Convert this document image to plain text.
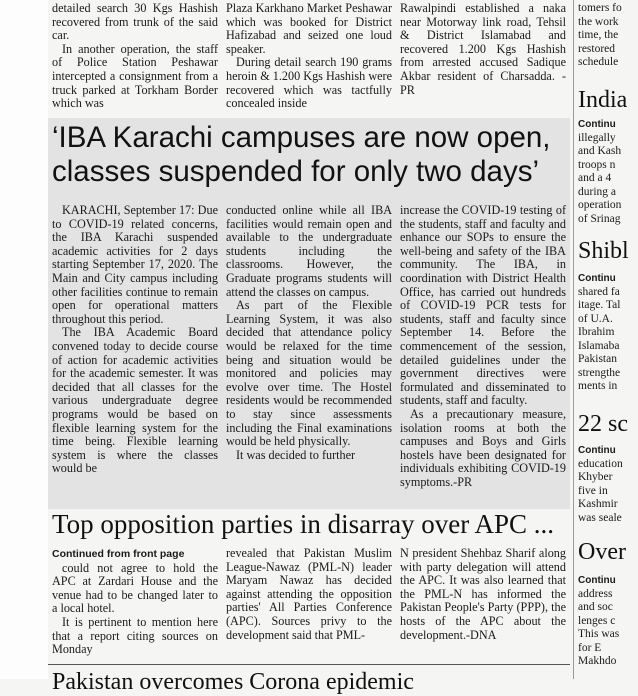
detailed search 30 Kgs Hashish recovered from trunk of the said car.

In another operation, the staff of Police Station Peshawar intercepted a consignment from a truck parked at Torkham Border which was

Plaza Karkhano Market Peshawar which was booked for District Hafizabad and seized one loud speaker.

During detail search 190 grams heroin & 1.200 Kgs Hashish were recovered which was tactfully concealed inside

Rawalpindi established a naka near Motorway link road, Tehsil & District Islamabad and recovered 1.200 Kgs Hashish from arrested accused Sadique Akbar resident of Charsadda. - PR

‘IBA Karachi campuses are now open,
classes suspended for only two days’

KARACHI, September 17: Due to COVID-19 related concerns, the IBA Karachi suspended academic activities for 2 days starting September 17, 2020. The Main and City campus including other facilities continue to remain open for operational matters throughout this period.

The IBA Academic Board convened today to decide course of action for academic activities for the academic semester. It was decided that all classes for the various undergraduate degree programs would be based on flexible learning system for the time being. Flexible learning system is where the classes would be

conducted online while all IBA facilities would remain open and available to the undergraduate students including the classrooms. However, the Graduate programs students will attend the classes on campus.

As part of the Flexible Learning System, it was also decided that attendance policy would be relaxed for the time being and situation would be monitored and policies may evolve over time. The Hostel residents would be recommended to stay since assessments including the Final examinations would be held physically.

It was decided to further

increase the COVID-19 testing of the students, staff and faculty and enhance our SOPs to ensure the well-being and safety of the IBA community. The IBA, in coordination with District Health Office, has carried out hundreds of COVID-19 PCR tests for students, staff and faculty since September 14. Before the commencement of the session, detailed guidelines under the government directives were formulated and disseminated to students, staff and faculty.

As a precautionary measure, isolation rooms at both the campuses and Boys and Girls hostels have been designated for individuals exhibiting COVID-19 symptoms.-PR

Top opposition parties in disarray over APC ...

Continued from front page

could not agree to hold the APC at Zardari House and the venue had to be changed later to a local hotel.

It is pertinent to mention here that a report citing sources on Monday

revealed that Pakistan Muslim League-Nawaz (PML-N) leader Maryam Nawaz has decided against attending the opposition parties' All Parties Conference (APC). Sources privy to the development said that PML-

N president Shehbaz Sharif along with party delegation will attend the APC. It was also learned that the PML-N has informed the Pakistan People's Party (PPP), the hosts of the APC about the development.-DNA

Pakistan overcomes Corona epidemic
tomers fo
the work
time, the
restored
schedule
India
Continu
illegally
and Kash
troops n
and a 4
during a
operation
of Srinag
Shibl
Continu
shared fa
itage. Tal
of U.A.
Ibrahim
Islamaba
Pakistan
strengthe
ments in
22 sc
Continu
education
Khyber
five in
Kashmir
was seale
Over
Continu
address
and soc
lenges c
This was
for E
Makhdo
